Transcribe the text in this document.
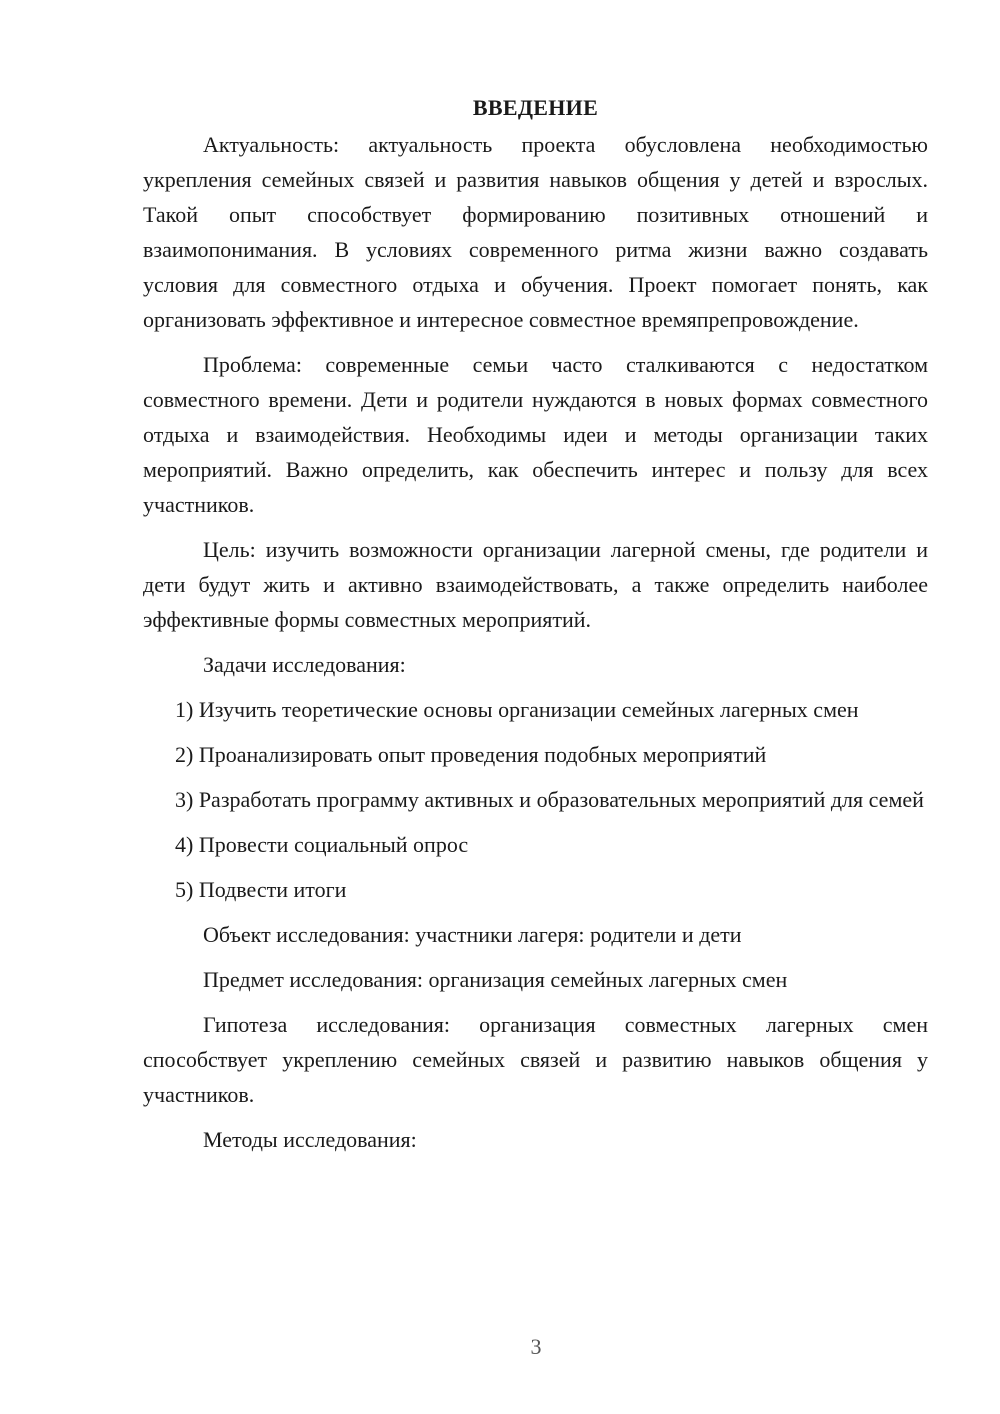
ВВЕДЕНИЕ

Актуальность: актуальность проекта обусловлена необходимостью укрепления семейных связей и развития навыков общения у детей и взрослых. Такой опыт способствует формированию позитивных отношений и взаимопонимания. В условиях современного ритма жизни важно создавать условия для совместного отдыха и обучения. Проект помогает понять, как организовать эффективное и интересное совместное времяпрепровождение.

Проблема: современные семьи часто сталкиваются с недостатком совместного времени. Дети и родители нуждаются в новых формах совместного отдыха и взаимодействия. Необходимы идеи и методы организации таких мероприятий. Важно определить, как обеспечить интерес и пользу для всех участников.

Цель: изучить возможности организации лагерной смены, где родители и дети будут жить и активно взаимодействовать, а также определить наиболее эффективные формы совместных мероприятий.

Задачи исследования:

1) Изучить теоретические основы организации семейных лагерных смен

2) Проанализировать опыт проведения подобных мероприятий

3) Разработать программу активных и образовательных мероприятий для семей

4) Провести социальный опрос

5) Подвести итоги

Объект исследования: участники лагеря: родители и дети

Предмет исследования: организация семейных лагерных смен

Гипотеза исследования: организация совместных лагерных смен способствует укреплению семейных связей и развитию навыков общения у участников.

Методы исследования:

3
